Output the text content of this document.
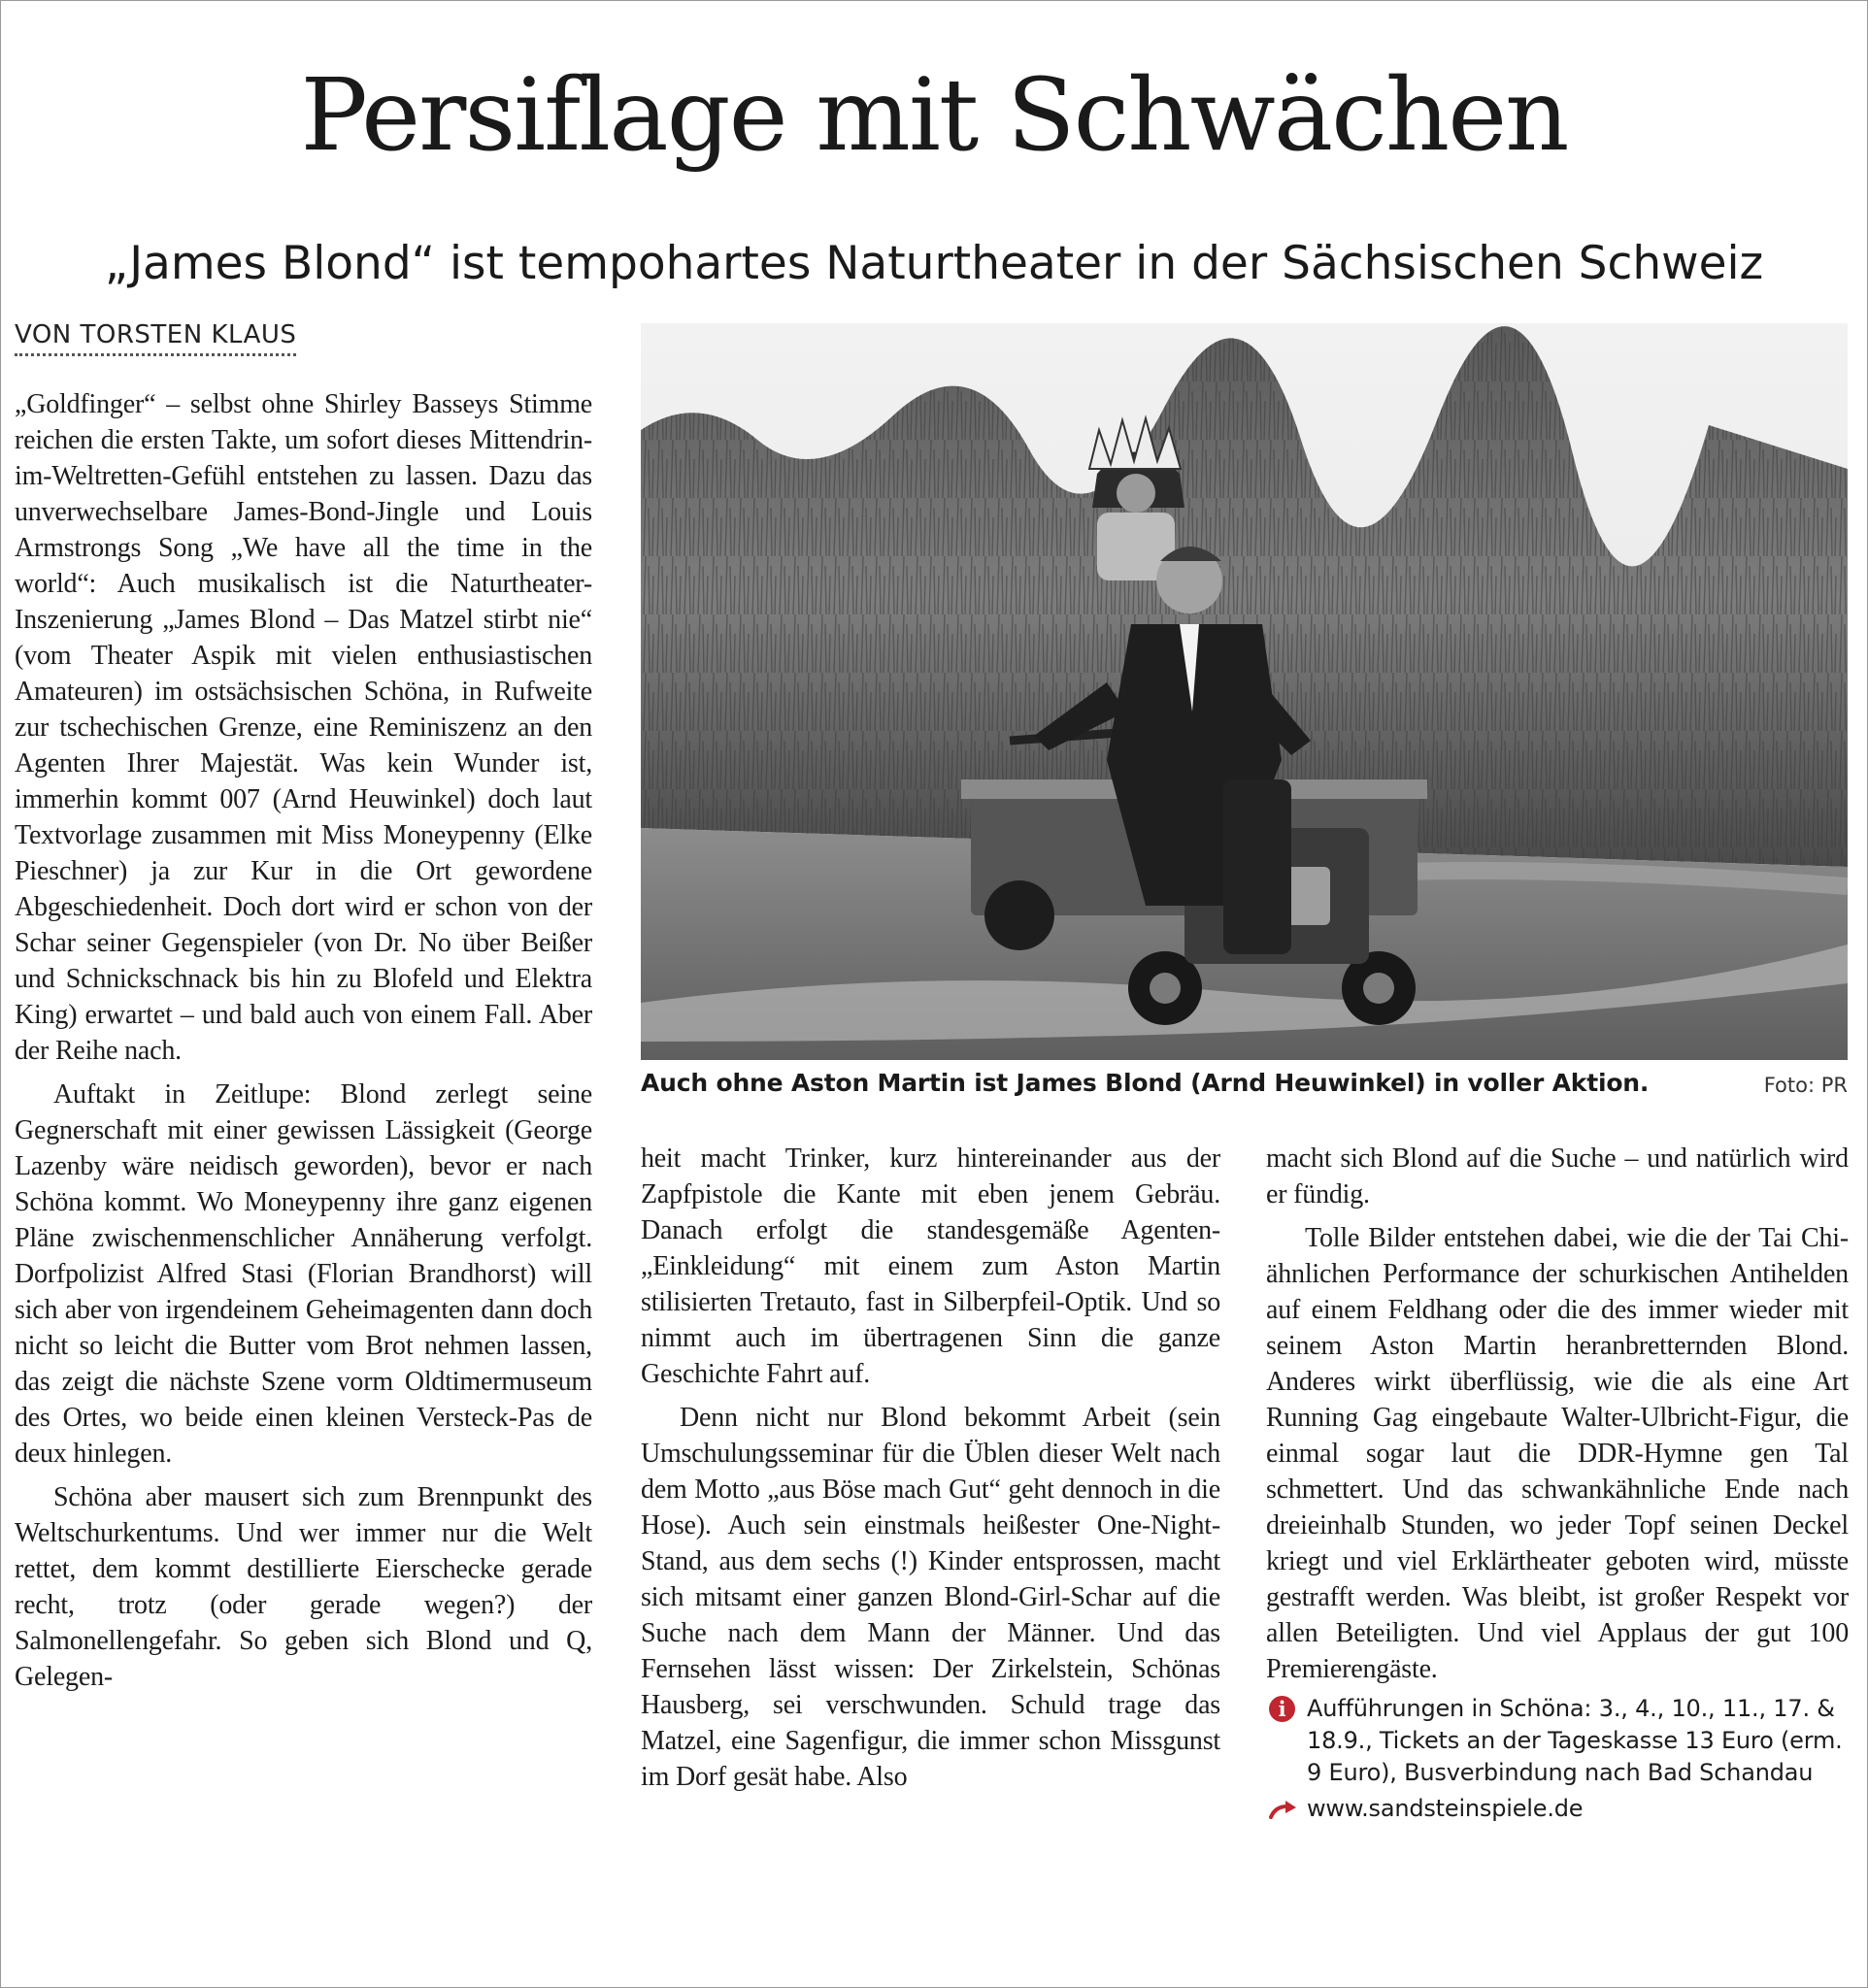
Persiflage mit Schwächen
„James Blond“ ist tempohartes Naturtheater in der Sächsischen Schweiz
VON TORSTEN KLAUS

„Goldfinger“ – selbst ohne Shirley Basseys Stimme reichen die ersten Takte, um sofort dieses Mittendrin-im-Weltretten-Gefühl entstehen zu lassen. Dazu das unverwechselbare James-Bond-Jingle und Louis Armstrongs Song „We have all the time in the world“: Auch musikalisch ist die Naturtheater-Inszenierung „James Blond – Das Matzel stirbt nie“ (vom Theater Aspik mit vielen enthusiastischen Amateuren) im ostsächsischen Schöna, in Rufweite zur tschechischen Grenze, eine Reminiszenz an den Agenten Ihrer Majestät. Was kein Wunder ist, immerhin kommt 007 (Arnd Heuwinkel) doch laut Textvorlage zusammen mit Miss Moneypenny (Elke Pieschner) ja zur Kur in die Ort gewordene Abgeschiedenheit. Doch dort wird er schon von der Schar seiner Gegenspieler (von Dr. No über Beißer und Schnickschnack bis hin zu Blofeld und Elektra King) erwartet – und bald auch von einem Fall. Aber der Reihe nach.

Auftakt in Zeitlupe: Blond zerlegt seine Gegnerschaft mit einer gewissen Lässigkeit (George Lazenby wäre neidisch geworden), bevor er nach Schöna kommt. Wo Moneypenny ihre ganz eigenen Pläne zwischenmenschlicher Annäherung verfolgt. Dorfpolizist Alfred Stasi (Florian Brandhorst) will sich aber von irgendeinem Geheimagenten dann doch nicht so leicht die Butter vom Brot nehmen lassen, das zeigt die nächste Szene vorm Oldtimermuseum des Ortes, wo beide einen kleinen Versteck-Pas de deux hinlegen.

Schöna aber mausert sich zum Brennpunkt des Weltschurkentums. Und wer immer nur die Welt rettet, dem kommt destillierte Eierschecke gerade recht, trotz (oder gerade wegen?) der Salmonellengefahr. So geben sich Blond und Q, Gelegen-

Auch ohne Aston Martin ist James Blond (Arnd Heuwinkel) in voller Aktion.	Foto: PR

heit macht Trinker, kurz hintereinander aus der Zapfpistole die Kante mit eben jenem Gebräu. Danach erfolgt die standesgemäße Agenten-„Einkleidung“ mit einem zum Aston Martin stilisierten Tretauto, fast in Silberpfeil-Optik. Und so nimmt auch im übertragenen Sinn die ganze Geschichte Fahrt auf.

Denn nicht nur Blond bekommt Arbeit (sein Umschulungsseminar für die Üblen dieser Welt nach dem Motto „aus Böse mach Gut“ geht dennoch in die Hose). Auch sein einstmals heißester One-Night-Stand, aus dem sechs (!) Kinder entsprossen, macht sich mitsamt einer ganzen Blond-Girl-Schar auf die Suche nach dem Mann der Männer. Und das Fernsehen lässt wissen: Der Zirkelstein, Schönas Hausberg, sei verschwunden. Schuld trage das Matzel, eine Sagenfigur, die immer schon Missgunst im Dorf gesät habe. Also

macht sich Blond auf die Suche – und natürlich wird er fündig.

Tolle Bilder entstehen dabei, wie die der Tai Chi-ähnlichen Performance der schurkischen Antihelden auf einem Feldhang oder die des immer wieder mit seinem Aston Martin heranbretternden Blond. Anderes wirkt überflüssig, wie die als eine Art Running Gag eingebaute Walter-Ulbricht-Figur, die einmal sogar laut die DDR-Hymne gen Tal schmettert. Und das schwankähnliche Ende nach dreieinhalb Stunden, wo jeder Topf seinen Deckel kriegt und viel Erklärtheater geboten wird, müsste gestrafft werden. Was bleibt, ist großer Respekt vor allen Beteiligten. Und viel Applaus der gut 100 Premierengäste.

i Aufführungen in Schöna: 3., 4., 10., 11., 17. & 18.9., Tickets an der Tageskasse 13 Euro (erm. 9 Euro), Busverbindung nach Bad Schandau
www.sandsteinspiele.de
